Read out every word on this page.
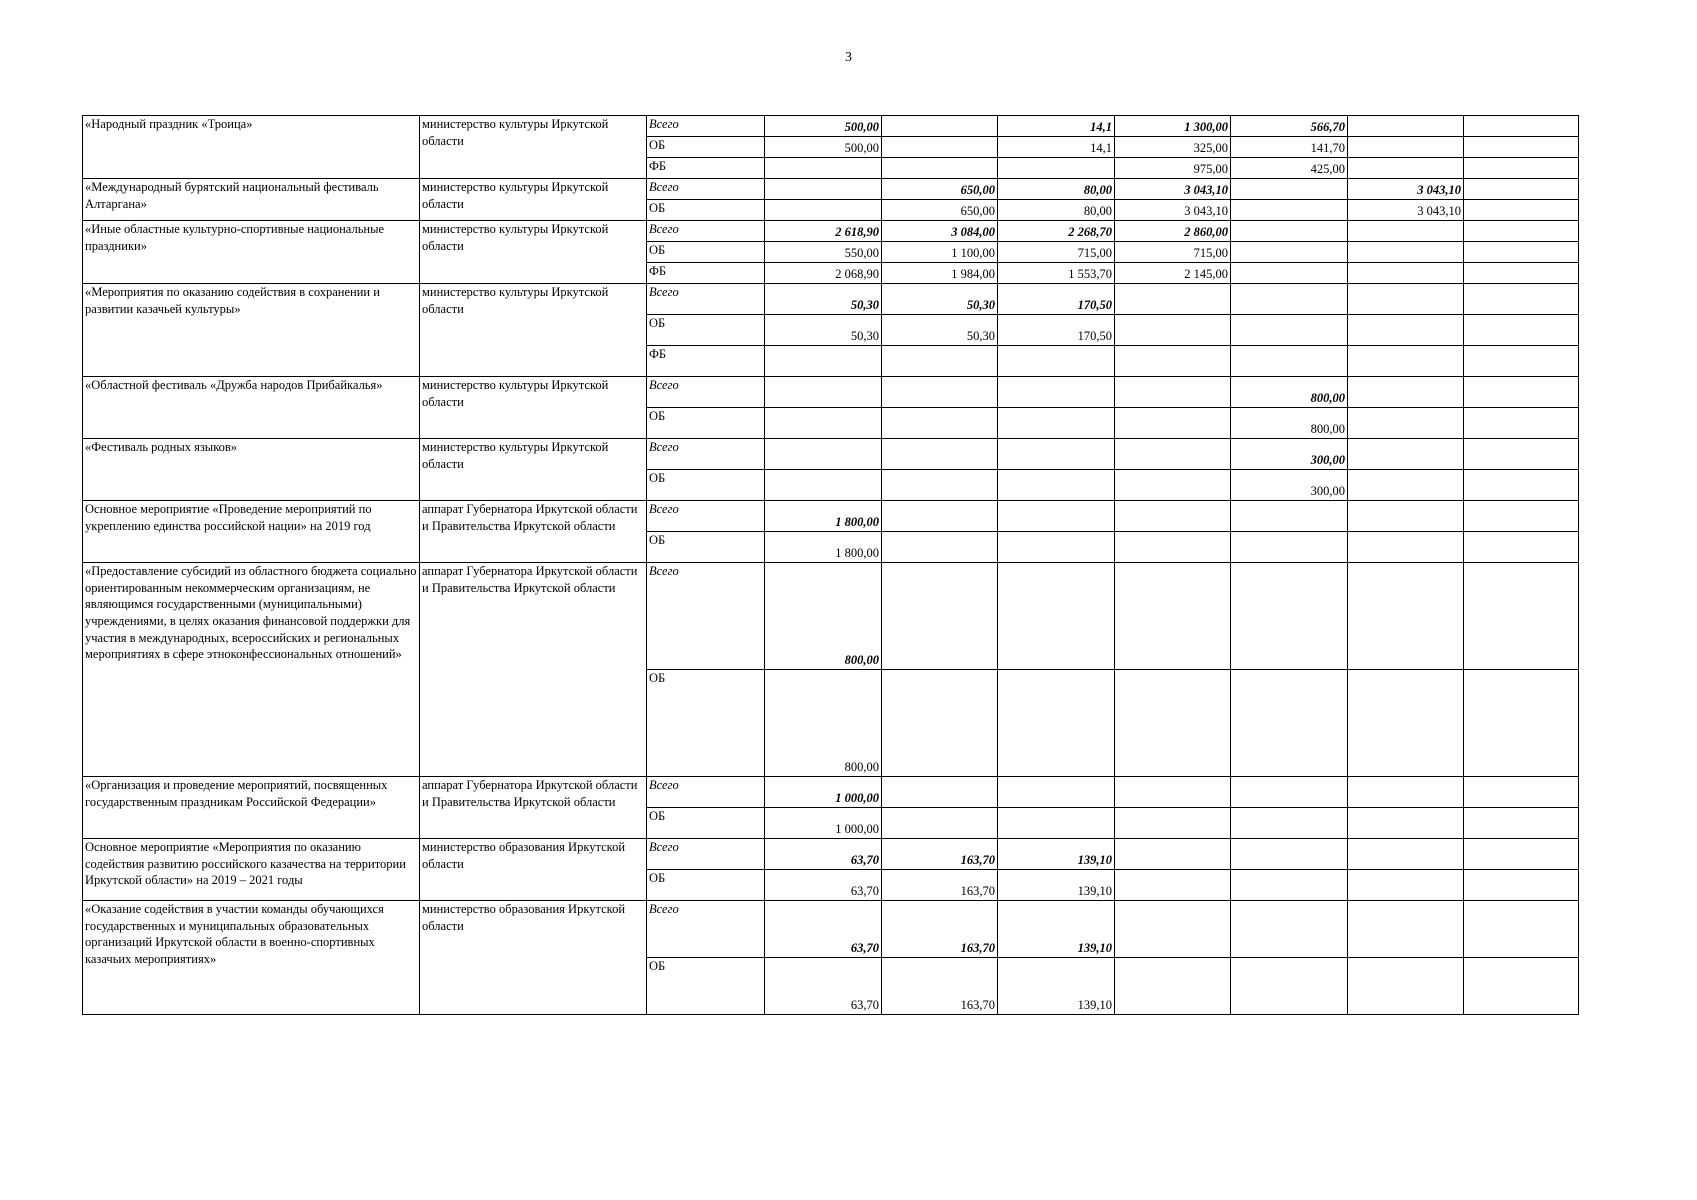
3
«Народный праздник «Троица»	министерство культуры Иркутской области	Всего	500,00		14,1	1 300,00	566,70		
		ОБ	500,00		14,1	325,00	141,70		
		ФБ				975,00	425,00		
«Международный бурятский национальный фестиваль Алтаргана»	министерство культуры Иркутской области	Всего		650,00	80,00	3 043,10		3 043,10	
		ОБ		650,00	80,00	3 043,10		3 043,10	
«Иные областные культурно-спортивные национальные праздники»	министерство культуры Иркутской области	Всего	2 618,90	3 084,00	2 268,70	2 860,00			
		ОБ	550,00	1 100,00	715,00	715,00			
		ФБ	2 068,90	1 984,00	1 553,70	2 145,00			
«Мероприятия по оказанию содействия в сохранении и развитии казачьей культуры»	министерство культуры Иркутской области	Всего	50,30	50,30	170,50				
		ОБ	50,30	50,30	170,50				
		ФБ							
«Областной фестиваль «Дружба народов Прибайкалья»	министерство культуры Иркутской области	Всего					800,00		
		ОБ					800,00		
«Фестиваль родных языков»	министерство культуры Иркутской области	Всего					300,00		
		ОБ					300,00		
Основное мероприятие «Проведение мероприятий по укреплению единства российской нации» на 2019 год	аппарат Губернатора Иркутской области и Правительства Иркутской области	Всего	1 800,00						
		ОБ	1 800,00						
«Предоставление субсидий из областного бюджета социально ориентированным некоммерческим организациям, не являющимся государственными (муниципальными) учреждениями, в целях оказания финансовой поддержки для участия в международных, всероссийских и региональных мероприятиях в сфере этноконфессиональных отношений»	аппарат Губернатора Иркутской области и Правительства Иркутской области	Всего	800,00						
		ОБ	800,00						
«Организация и проведение мероприятий, посвященных государственным праздникам Российской Федерации»	аппарат Губернатора Иркутской области и Правительства Иркутской области	Всего	1 000,00						
		ОБ	1 000,00						
Основное мероприятие «Мероприятия по оказанию содействия развитию российского казачества на территории Иркутской области» на 2019 – 2021 годы	министерство образования Иркутской области	Всего	63,70	163,70	139,10				
		ОБ	63,70	163,70	139,10				
«Оказание содействия в участии команды обучающихся государственных и муниципальных образовательных организаций Иркутской области в военно-спортивных казачьих мероприятиях»	министерство образования Иркутской области	Всего	63,70	163,70	139,10				
		ОБ	63,70	163,70	139,10				
